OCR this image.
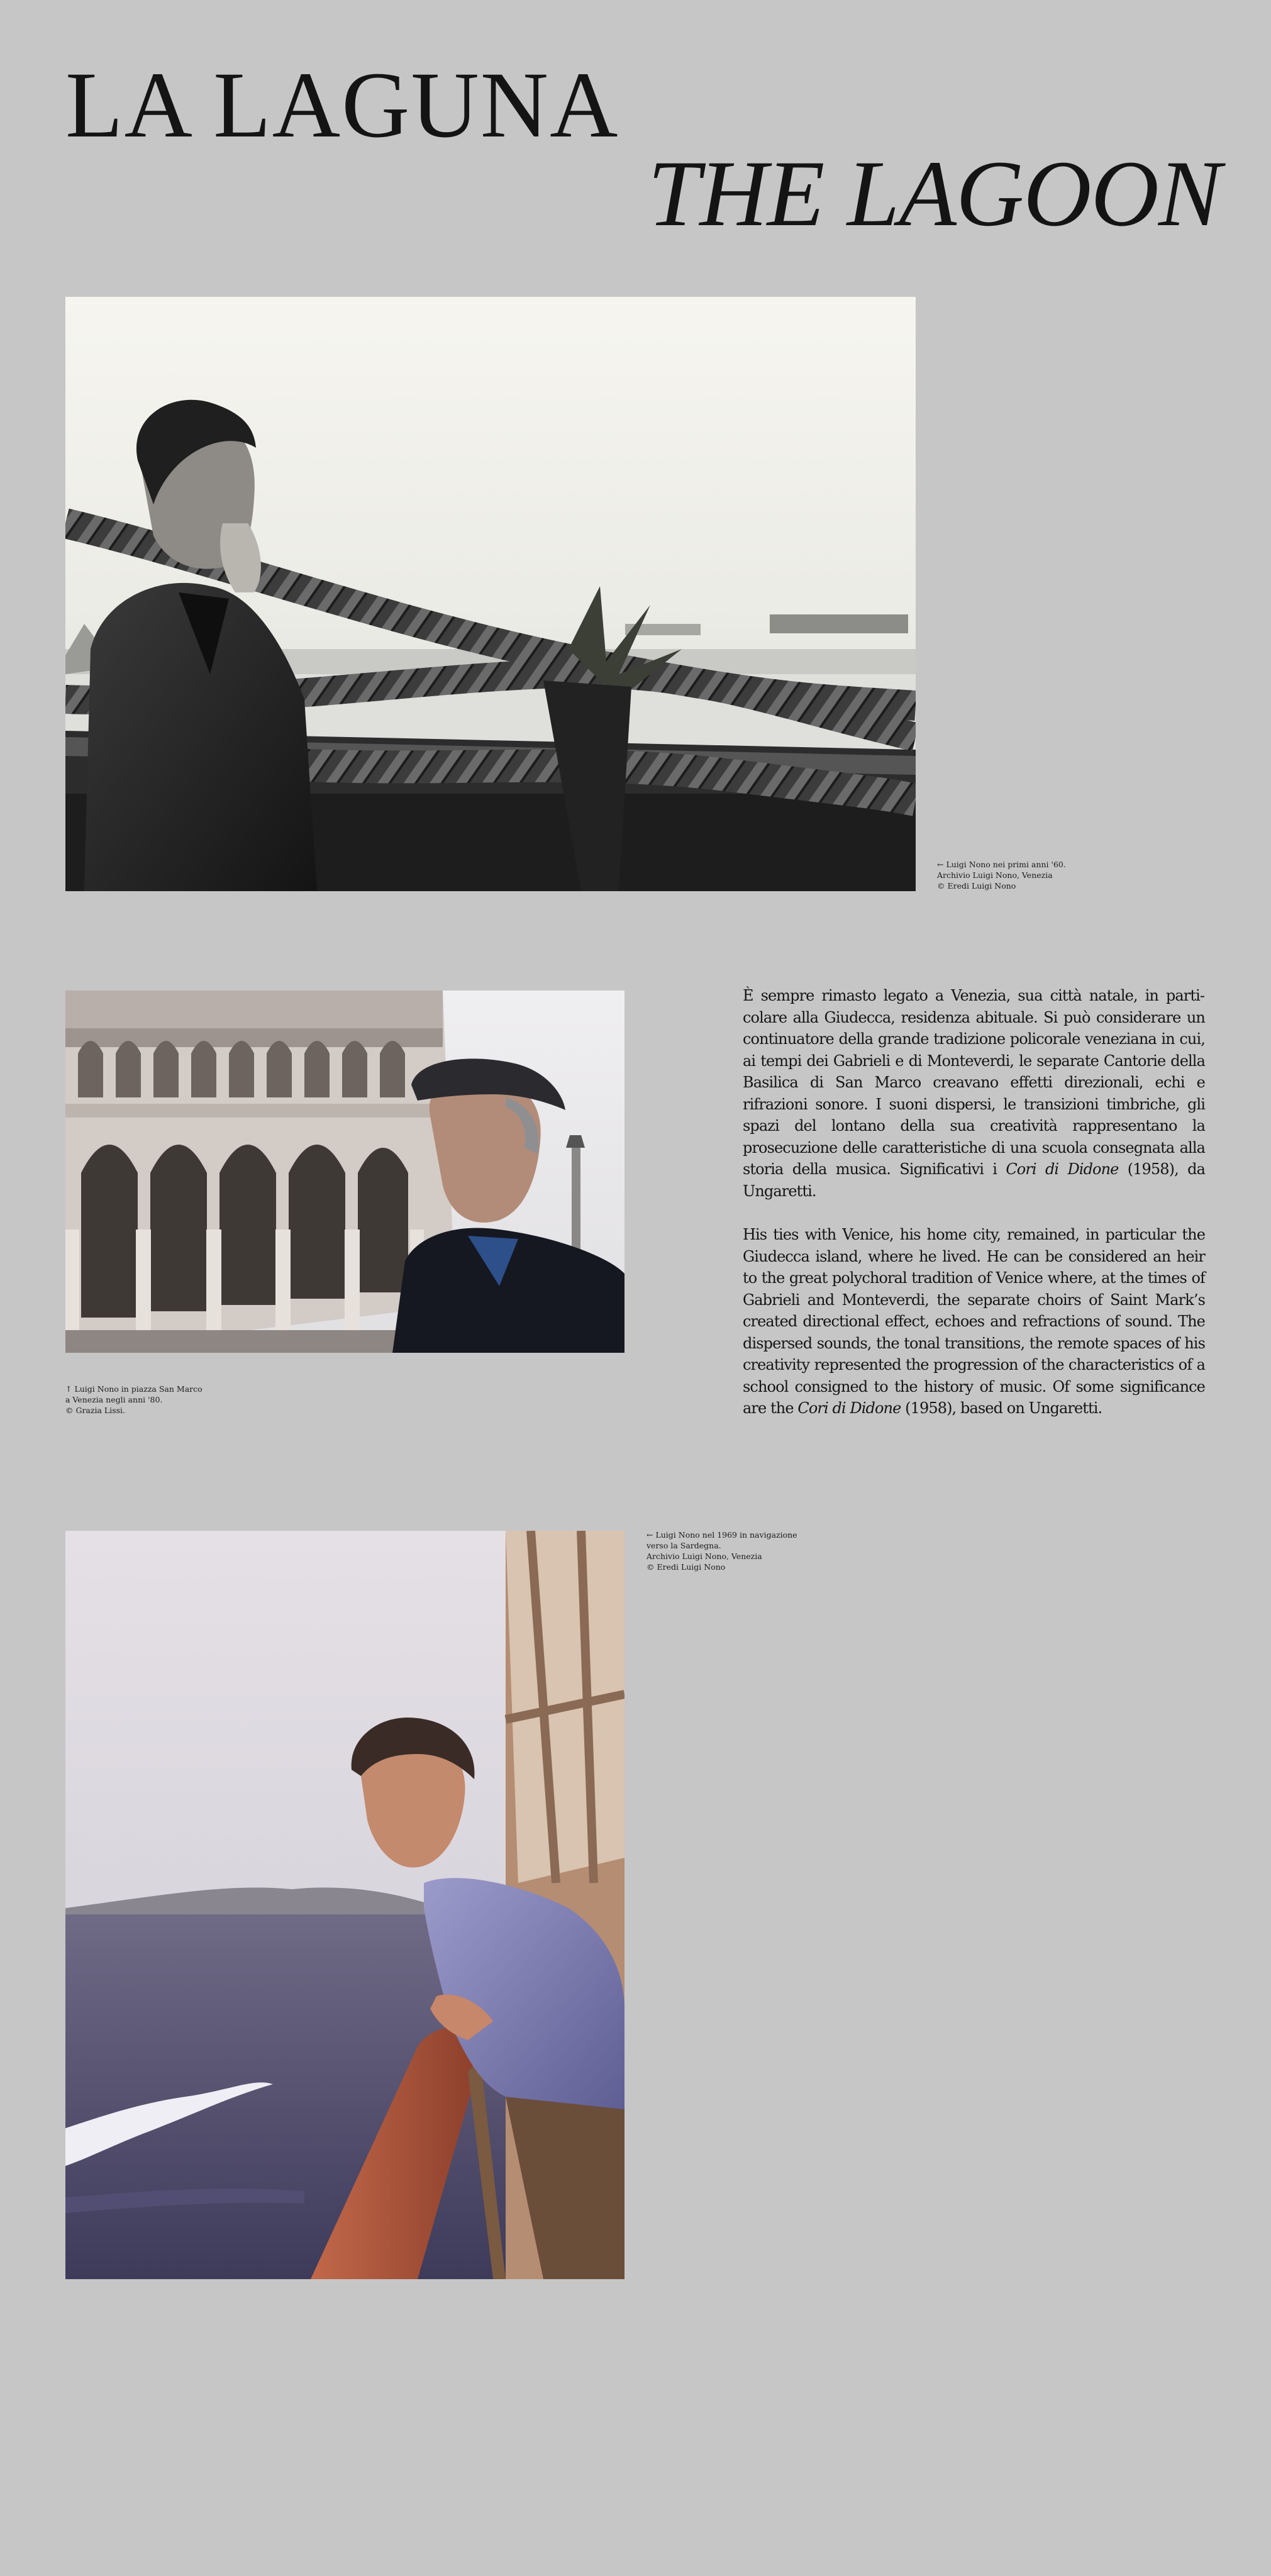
LA LAGUNA
THE LAGOON

← Luigi Nono nei primi anni '60.
Archivio Luigi Nono, Venezia
© Eredi Luigi Nono

↑ Luigi Nono in piazza San Marco
a Venezia negli anni '80.
© Grazia Lissi.

È sempre rimasto legato a Venezia, sua città natale, in particolare alla Giudecca, residenza abituale. Si può considerare un continuatore della grande tradizione policorale veneziana in cui, ai tempi dei Gabrieli e di Monteverdi, le separate Cantorie della Basilica di San Marco creavano effetti direzionali, echi e rifrazioni sonore. I suoni dispersi, le transizioni timbriche, gli spazi del lontano della sua creatività rappresentano la prosecuzione delle caratteristiche di una scuola consegnata alla storia della musica. Significativi i Cori di Didone (1958), da Ungaretti.

His ties with Venice, his home city, remained, in particular the Giudecca island, where he lived. He can be considered an heir to the great polychoral tradition of Venice where, at the times of Gabrieli and Monteverdi, the separate choirs of Saint Mark’s created directional effect, echoes and refractions of sound. The dispersed sounds, the tonal transitions, the remote spaces of his creativity represented the progression of the characteristics of a school consigned to the history of music. Of some significance are the Cori di Didone (1958), based on Ungaretti.

← Luigi Nono nel 1969 in navigazione
verso la Sardegna.
Archivio Luigi Nono, Venezia
© Eredi Luigi Nono
